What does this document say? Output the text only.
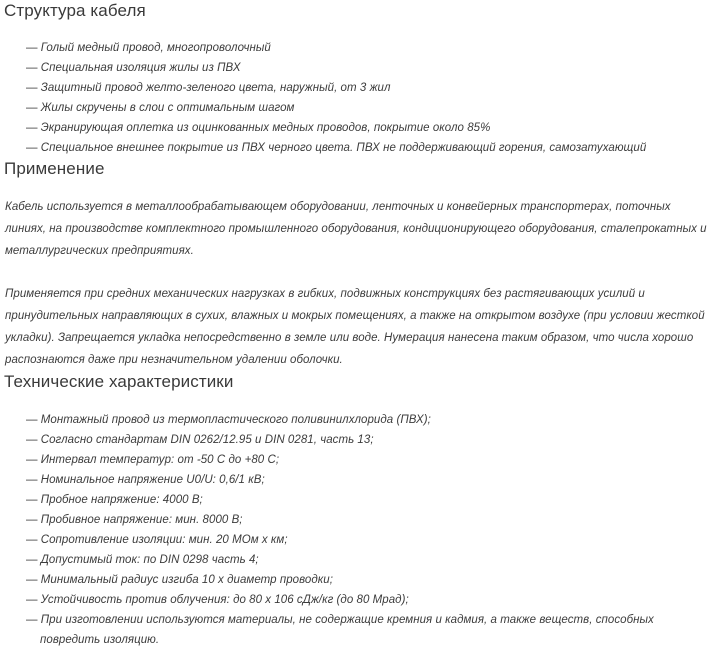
Структура кабеля
— Голый медный провод, многопроволочный
— Специальная изоляция жилы из ПВХ
— Защитный провод желто-зеленого цвета, наружный, от 3 жил
— Жилы скручены в слои с оптимальным шагом
— Экранирующая оплетка из оцинкованных медных проводов, покрытие около 85%
— Специальное внешнее покрытие из ПВХ черного цвета. ПВХ не поддерживающий горения, самозатухающий
Применение

Кабель используется в металлообрабатывающем оборудовании, ленточных и конвейерных транспортерах, поточных линиях, на производстве комплектного промышленного оборудования, кондиционирующего оборудования, сталепрокатных и металлургических предприятиях.

Применяется при средних механических нагрузках в гибких, подвижных конструкциях без растягивающих усилий и принудительных направляющих в сухих, влажных и мокрых помещениях, а также на открытом воздухе (при условии жесткой укладки). Запрещается укладка непосредственно в земле или воде. Нумерация нанесена таким образом, что числа хорошо распознаются даже при незначительном удалении оболочки.

Технические характеристики
— Монтажный провод из термопластического поливинилхлорида (ПВХ);
— Согласно стандартам DIN 0262/12.95 и DIN 0281, часть 13;
— Интервал температур: от -50 С до +80 С;
— Номинальное напряжение U0/U: 0,6/1 кВ;
— Пробное напряжение: 4000 В;
— Пробивное напряжение: мин. 8000 В;
— Сопротивление изоляции: мин. 20 МОм х км;
— Допустимый ток: по DIN 0298 часть 4;
— Минимальный радиус изгиба 10 х диаметр проводки;
— Устойчивость против облучения: до 80 х 106 сДж/кг (до 80 Мрад);
— При изготовлении используются материалы, не содержащие кремния и кадмия, а также веществ, способных повредить изоляцию.
